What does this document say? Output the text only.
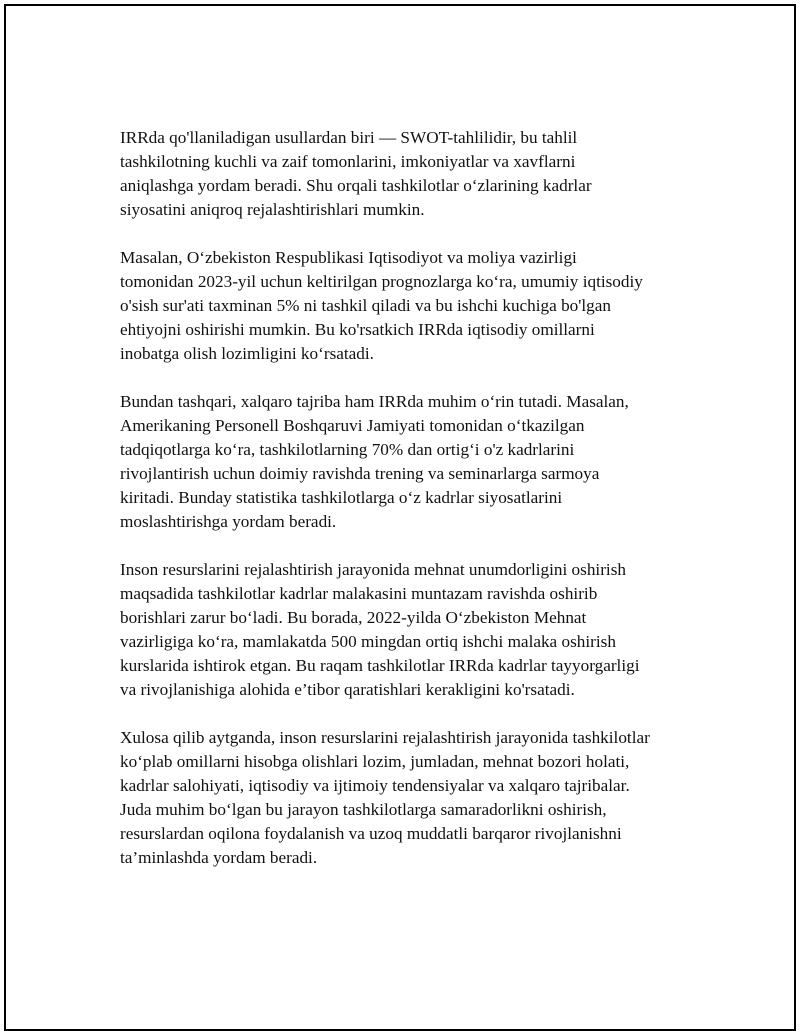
IRRda qo'llaniladigan usullardan biri — SWOT-tahlilidir, bu tahlil
tashkilotning kuchli va zaif tomonlarini, imkoniyatlar va xavflarni
aniqlashga yordam beradi. Shu orqali tashkilotlar o‘zlarining kadrlar
siyosatini aniqroq rejalashtirishlari mumkin.

Masalan, O‘zbekiston Respublikasi Iqtisodiyot va moliya vazirligi
tomonidan 2023-yil uchun keltirilgan prognozlarga ko‘ra, umumiy iqtisodiy
o'sish sur'ati taxminan 5% ni tashkil qiladi va bu ishchi kuchiga bo'lgan
ehtiyojni oshirishi mumkin. Bu ko'rsatkich IRRda iqtisodiy omillarni
inobatga olish lozimligini ko‘rsatadi.

Bundan tashqari, xalqaro tajriba ham IRRda muhim o‘rin tutadi. Masalan,
Amerikaning Personell Boshqaruvi Jamiyati tomonidan o‘tkazilgan
tadqiqotlarga ko‘ra, tashkilotlarning 70% dan ortig‘i o'z kadrlarini
rivojlantirish uchun doimiy ravishda trening va seminarlarga sarmoya
kiritadi. Bunday statistika tashkilotlarga o‘z kadrlar siyosatlarini
moslashtirishga yordam beradi.

Inson resurslarini rejalashtirish jarayonida mehnat unumdorligini oshirish
maqsadida tashkilotlar kadrlar malakasini muntazam ravishda oshirib
borishlari zarur bo‘ladi. Bu borada, 2022-yilda O‘zbekiston Mehnat
vazirligiga ko‘ra, mamlakatda 500 mingdan ortiq ishchi malaka oshirish
kurslarida ishtirok etgan. Bu raqam tashkilotlar IRRda kadrlar tayyorgarligi
va rivojlanishiga alohida e’tibor qaratishlari kerakligini ko'rsatadi.

Xulosa qilib aytganda, inson resurslarini rejalashtirish jarayonida tashkilotlar
ko‘plab omillarni hisobga olishlari lozim, jumladan, mehnat bozori holati,
kadrlar salohiyati, iqtisodiy va ijtimoiy tendensiyalar va xalqaro tajribalar.
Juda muhim bo‘lgan bu jarayon tashkilotlarga samaradorlikni oshirish,
resurslardan oqilona foydalanish va uzoq muddatli barqaror rivojlanishni
ta’minlashda yordam beradi.
